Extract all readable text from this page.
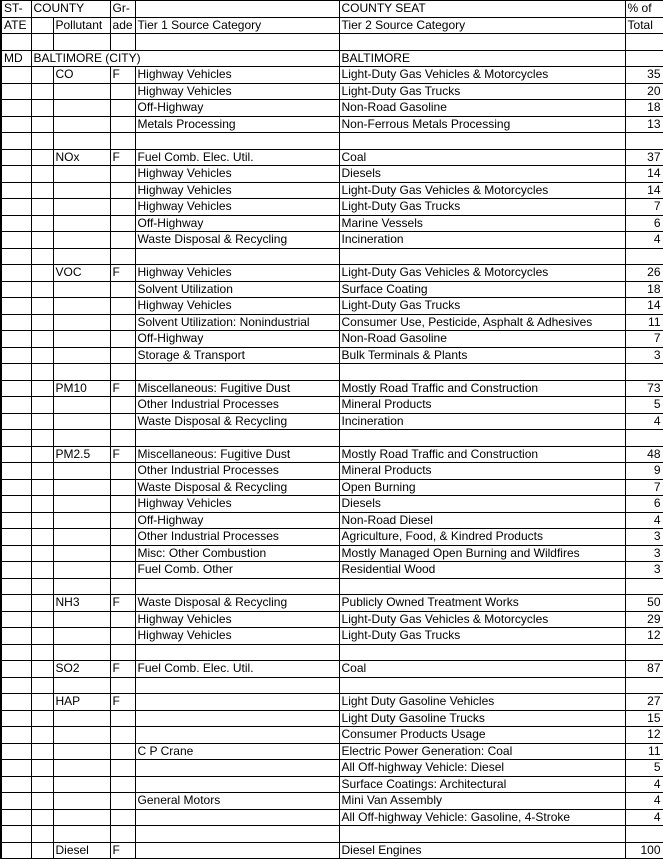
ST-	COUNTY		Gr-		COUNTY SEAT	% of
ATE		Pollutant	ade	Tier 1 Source Category	Tier 2 Source Category	Total

MD	BALTIMORE (CITY)				BALTIMORE	
		CO	F	Highway Vehicles	Light-Duty Gas Vehicles & Motorcycles	35
				Highway Vehicles	Light-Duty Gas Trucks	20
				Off-Highway	Non-Road Gasoline	18
				Metals Processing	Non-Ferrous Metals Processing	13

		NOx	F	Fuel Comb. Elec. Util.	Coal	37
				Highway Vehicles	Diesels	14
				Highway Vehicles	Light-Duty Gas Vehicles & Motorcycles	14
				Highway Vehicles	Light-Duty Gas Trucks	7
				Off-Highway	Marine Vessels	6
				Waste Disposal & Recycling	Incineration	4

		VOC	F	Highway Vehicles	Light-Duty Gas Vehicles & Motorcycles	26
				Solvent Utilization	Surface Coating	18
				Highway Vehicles	Light-Duty Gas Trucks	14
				Solvent Utilization: Nonindustrial	Consumer Use, Pesticide, Asphalt & Adhesives	11
				Off-Highway	Non-Road Gasoline	7
				Storage & Transport	Bulk Terminals & Plants	3

		PM10	F	Miscellaneous: Fugitive Dust	Mostly Road Traffic and Construction	73
				Other Industrial Processes	Mineral Products	5
				Waste Disposal & Recycling	Incineration	4

		PM2.5	F	Miscellaneous: Fugitive Dust	Mostly Road Traffic and Construction	48
				Other Industrial Processes	Mineral Products	9
				Waste Disposal & Recycling	Open Burning	7
				Highway Vehicles	Diesels	6
				Off-Highway	Non-Road Diesel	4
				Other Industrial Processes	Agriculture, Food, & Kindred Products	3
				Misc: Other Combustion	Mostly Managed Open Burning and Wildfires	3
				Fuel Comb. Other	Residential Wood	3

		NH3	F	Waste Disposal & Recycling	Publicly Owned Treatment Works	50
				Highway Vehicles	Light-Duty Gas Vehicles & Motorcycles	29
				Highway Vehicles	Light-Duty Gas Trucks	12

		SO2	F	Fuel Comb. Elec. Util.	Coal	87

		HAP	F		Light Duty Gasoline Vehicles	27
					Light Duty Gasoline Trucks	15
					Consumer Products Usage	12
				C P Crane	Electric Power Generation: Coal	11
					All Off-highway Vehicle: Diesel	5
					Surface Coatings: Architectural	4
				General Motors	Mini Van Assembly	4
					All Off-highway Vehicle: Gasoline, 4-Stroke	4

		Diesel	F		Diesel Engines	100
